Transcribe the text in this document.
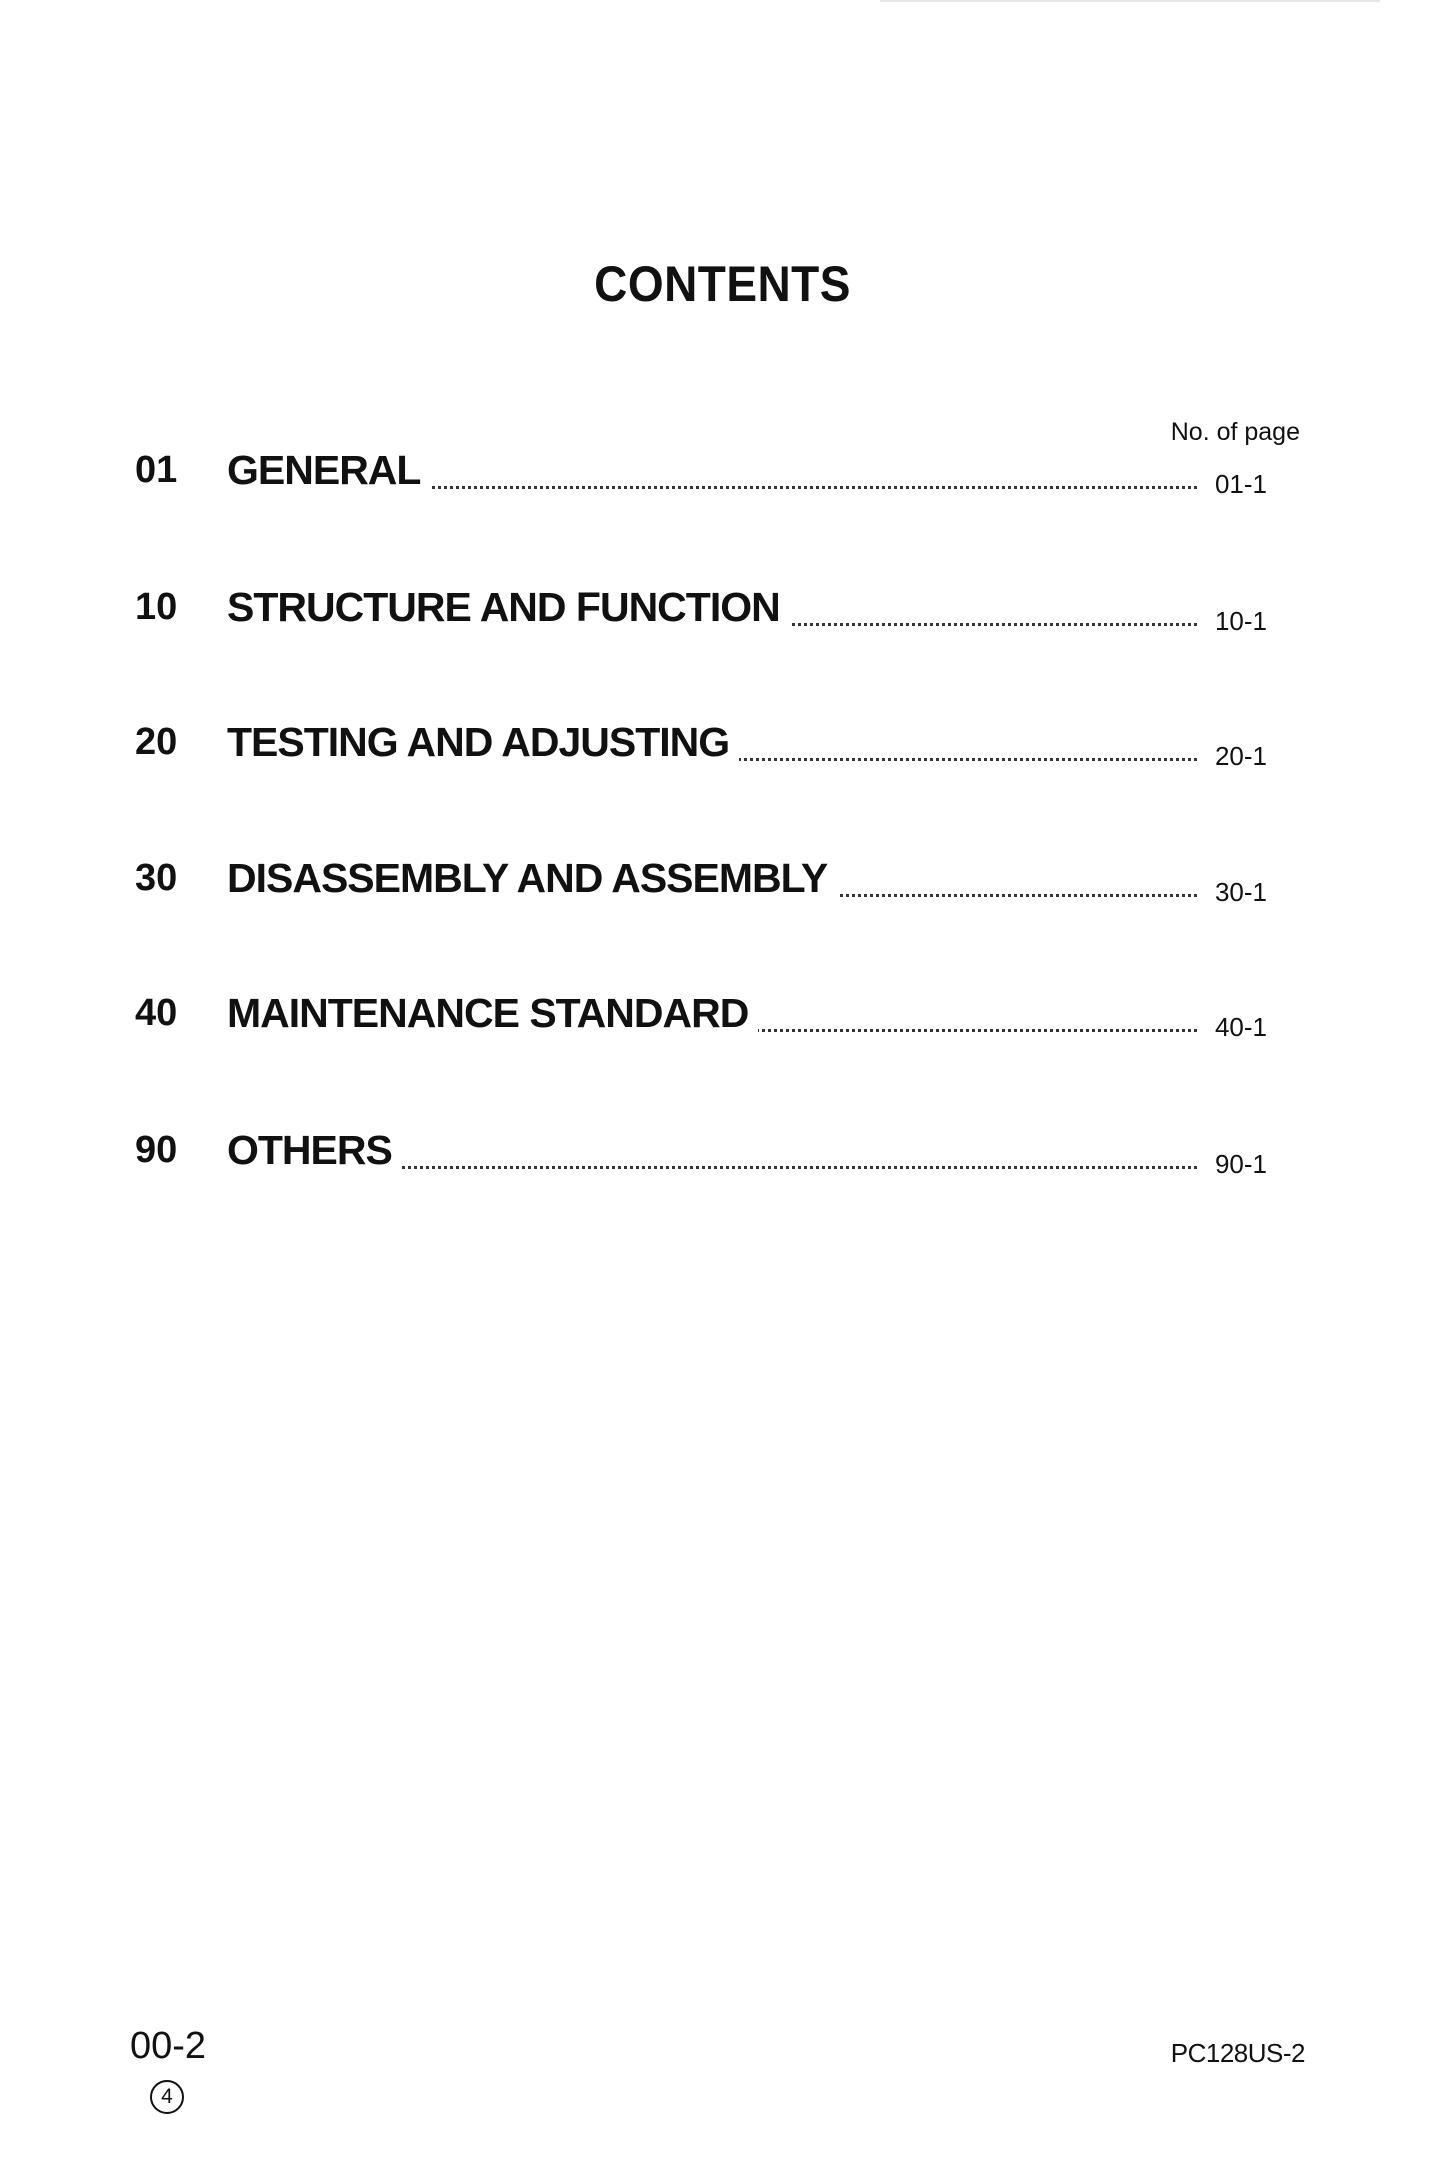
CONTENTS
No. of page
01	GENERAL	01-1
10	STRUCTURE AND FUNCTION	10-1
20	TESTING AND ADJUSTING	20-1
30	DISASSEMBLY AND ASSEMBLY	30-1
40	MAINTENANCE STANDARD	40-1
90	OTHERS	90-1
00-2
4
PC128US-2
